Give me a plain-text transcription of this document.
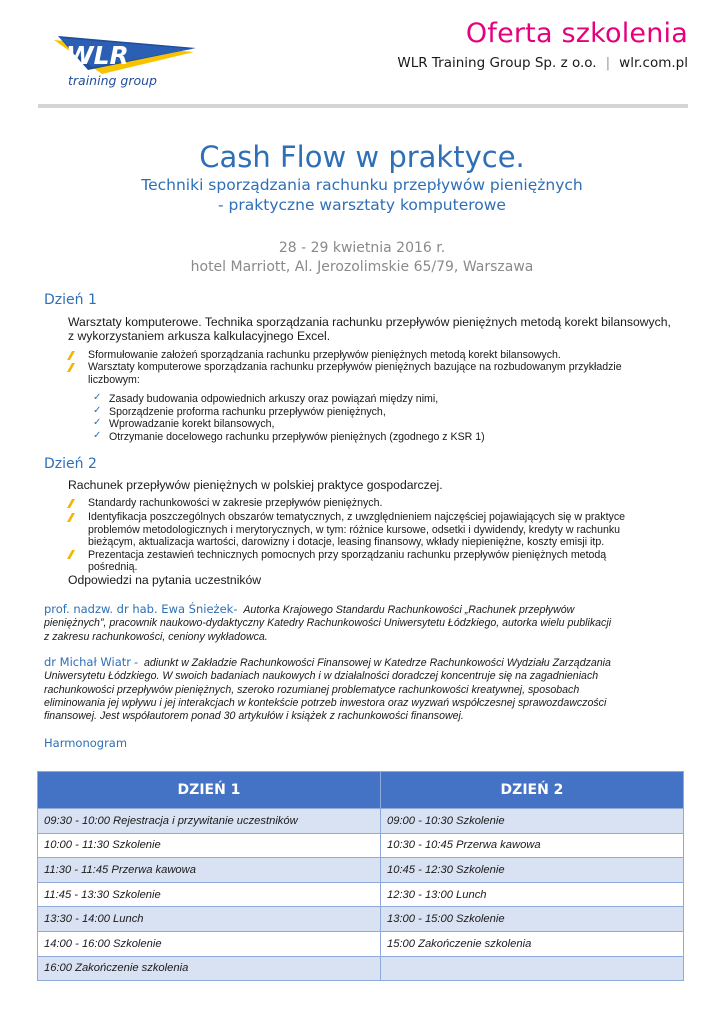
WLR
training group
Oferta szkolenia
WLR Training Group Sp. z o.o. | wlr.com.pl
Cash Flow w praktyce.
Techniki sporządzania rachunku przepływów pieniężnych
- praktyczne warsztaty komputerowe
28 - 29 kwietnia 2016 r.
hotel Marriott, Al. Jerozolimskie 65/79, Warszawa
Dzień 1
Warsztaty komputerowe. Technika sporządzania rachunku przepływów pieniężnych metodą korekt bilansowych,
z wykorzystaniem arkusza kalkulacyjnego Excel.
Sformułowanie założeń sporządzania rachunku przepływów pieniężnych metodą korekt bilansowych.
Warsztaty komputerowe sporządzania rachunku przepływów pieniężnych bazujące na rozbudowanym przykładzie
liczbowym:
✓ Zasady budowania odpowiednich arkuszy oraz powiązań między nimi,
✓ Sporządzenie proforma rachunku przepływów pieniężnych,
✓ Wprowadzanie korekt bilansowych,
✓ Otrzymanie docelowego rachunku przepływów pieniężnych (zgodnego z KSR 1)
Dzień 2
Rachunek przepływów pieniężnych w polskiej praktyce gospodarczej.
Standardy rachunkowości w zakresie przepływów pieniężnych.
Identyfikacja poszczególnych obszarów tematycznych, z uwzględnieniem najczęściej pojawiających się w praktyce
problemów metodologicznych i merytorycznych, w tym: różnice kursowe, odsetki i dywidendy, kredyty w rachunku
bieżącym, aktualizacja wartości, darowizny i dotacje, leasing finansowy, wkłady niepieniężne, koszty emisji itp.
Prezentacja zestawień technicznych pomocnych przy sporządzaniu rachunku przepływów pieniężnych metodą
pośrednią.
Odpowiedzi na pytania uczestników
prof. nadzw. dr hab. Ewa Śnieżek- Autorka Krajowego Standardu Rachunkowości „Rachunek przepływów
pieniężnych”, pracownik naukowo-dydaktyczny Katedry Rachunkowości Uniwersytetu Łódzkiego, autorka wielu publikacji
z zakresu rachunkowości, ceniony wykładowca.
dr Michał Wiatr - adiunkt w Zakładzie Rachunkowości Finansowej w Katedrze Rachunkowości Wydziału Zarządzania
Uniwersytetu Łódzkiego. W swoich badaniach naukowych i w działalności doradczej koncentruje się na zagadnieniach
rachunkowości przepływów pieniężnych, szeroko rozumianej problematyce rachunkowości kreatywnej, sposobach
eliminowania jej wpływu i jej interakcjach w kontekście potrzeb inwestora oraz wyzwań współczesnej sprawozdawczości
finansowej. Jest współautorem ponad 30 artykułów i książek z rachunkowości finansowej.
Harmonogram
DZIEŃ 1	DZIEŃ 2
09:30 - 10:00 Rejestracja i przywitanie uczestników	09:00 - 10:30 Szkolenie
10:00 - 11:30 Szkolenie	10:30 - 10:45 Przerwa kawowa
11:30 - 11:45 Przerwa kawowa	10:45 - 12:30 Szkolenie
11:45 - 13:30 Szkolenie	12:30 - 13:00 Lunch
13:30 - 14:00 Lunch	13:00 - 15:00 Szkolenie
14:00 - 16:00 Szkolenie	15:00 Zakończenie szkolenia
16:00 Zakończenie szkolenia	
